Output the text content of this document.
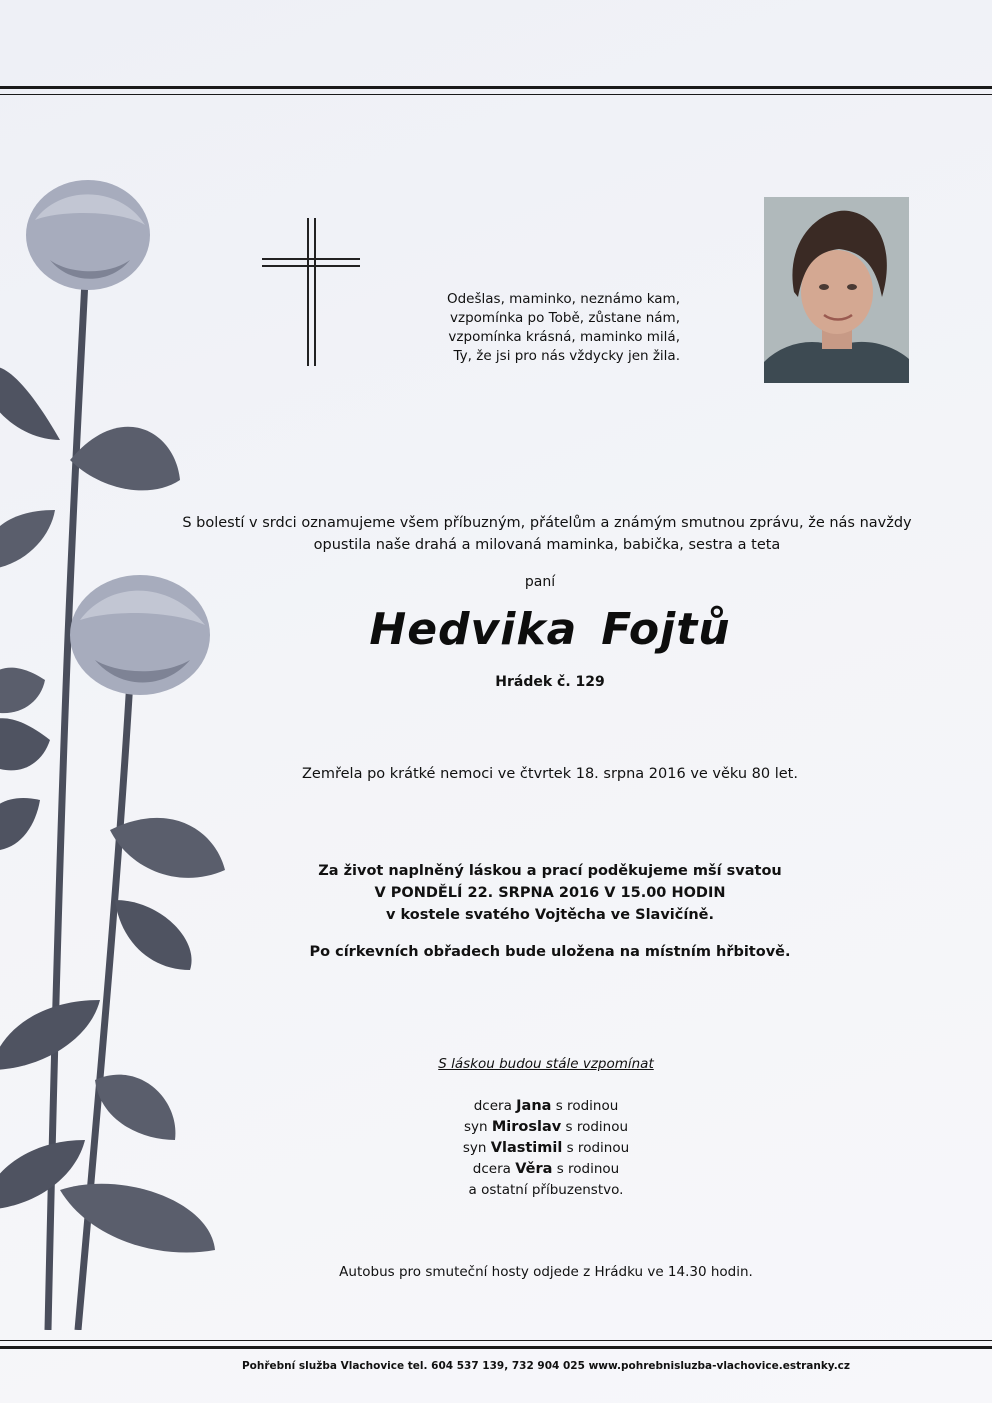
Odešlas, maminko, neznámo kam,
vzpomínka po Tobě, zůstane nám,
vzpomínka krásná, maminko milá,
Ty, že jsi pro nás vždycky jen žila.
S bolestí v srdci oznamujeme všem příbuzným, přátelům a známým smutnou zprávu, že nás navždy
opustila naše drahá a milovaná maminka, babička, sestra a teta
paní
Hedvika Fojtů
Hrádek č. 129
Zemřela po krátké nemoci ve čtvrtek 18. srpna 2016 ve věku 80 let.
Za život naplněný láskou a prací poděkujeme mší svatou
V PONDĚLÍ 22. SRPNA 2016 V 15.00 HODIN
v kostele svatého Vojtěcha ve Slavičíně.
Po církevních obřadech bude uložena na místním hřbitově.
S láskou budou stále vzpomínat
dcera Jana s rodinou
syn Miroslav s rodinou
syn Vlastimil s rodinou
dcera Věra s rodinou
a ostatní příbuzenstvo.
Autobus pro smuteční hosty odjede z Hrádku ve 14.30 hodin.
Pohřební služba Vlachovice tel. 604 537 139, 732 904 025 www.pohrebnisluzba-vlachovice.estranky.cz
